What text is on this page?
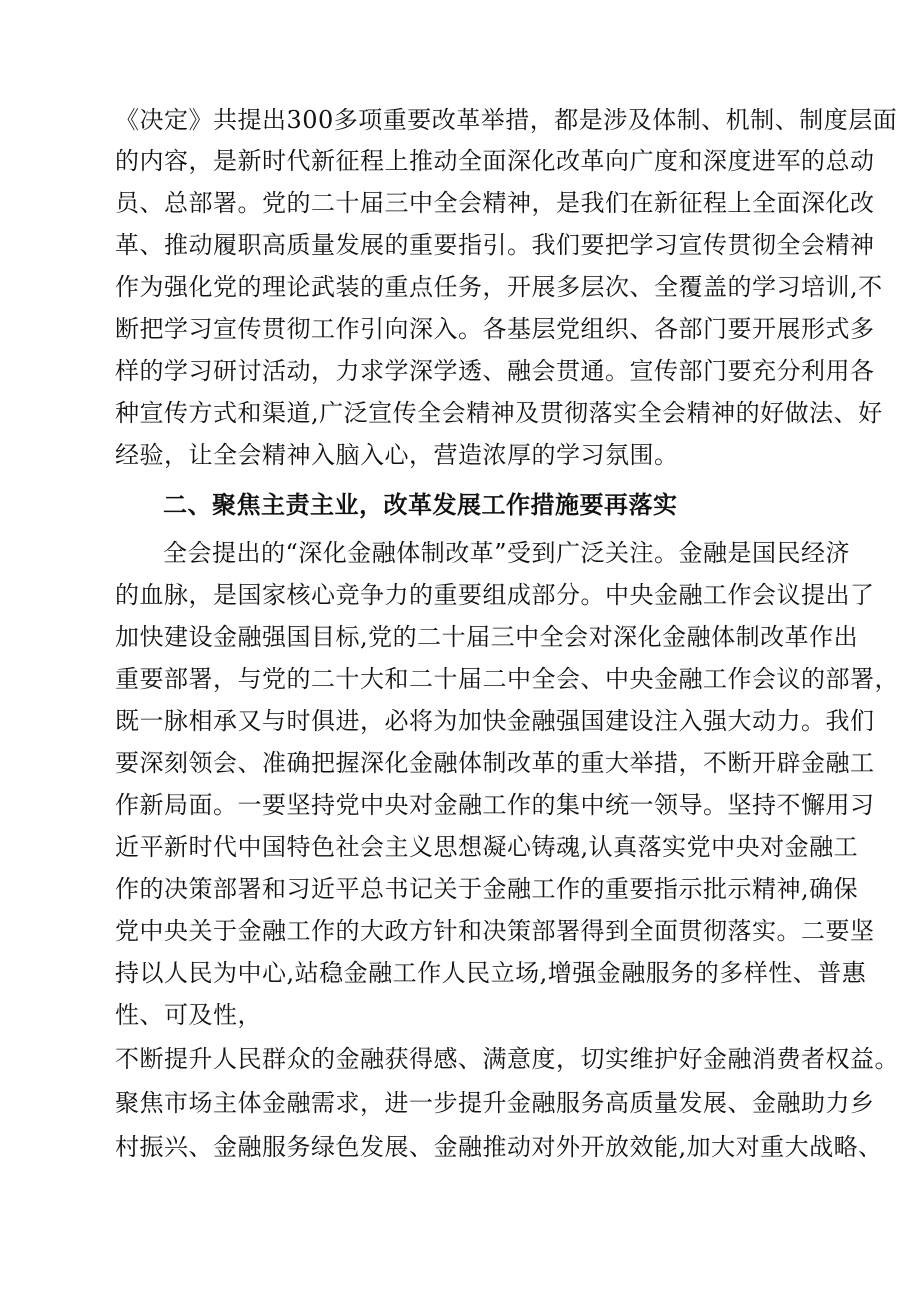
《决定》共提出300多项重要改革举措，都是涉及体制、机制、制度层面
的内容，是新时代新征程上推动全面深化改革向广度和深度进军的总动
员、总部署。党的二十届三中全会精神，是我们在新征程上全面深化改
革、推动履职高质量发展的重要指引。我们要把学习宣传贯彻全会精神
作为强化党的理论武装的重点任务，开展多层次、全覆盖的学习培训,不
断把学习宣传贯彻工作引向深入。各基层党组织、各部门要开展形式多
样的学习研讨活动，力求学深学透、融会贯通。宣传部门要充分利用各
种宣传方式和渠道,广泛宣传全会精神及贯彻落实全会精神的好做法、好
经验，让全会精神入脑入心，营造浓厚的学习氛围。
二、聚焦主责主业，改革发展工作措施要再落实
全会提出的“深化金融体制改革”受到广泛关注。金融是国民经济
的血脉，是国家核心竞争力的重要组成部分。中央金融工作会议提出了
加快建设金融强国目标,党的二十届三中全会对深化金融体制改革作出
重要部署，与党的二十大和二十届二中全会、中央金融工作会议的部署，
既一脉相承又与时俱进，必将为加快金融强国建设注入强大动力。我们
要深刻领会、准确把握深化金融体制改革的重大举措，不断开辟金融工
作新局面。一要坚持党中央对金融工作的集中统一领导。坚持不懈用习
近平新时代中国特色社会主义思想凝心铸魂,认真落实党中央对金融工
作的决策部署和习近平总书记关于金融工作的重要指示批示精神,确保
党中央关于金融工作的大政方针和决策部署得到全面贯彻落实。二要坚
持以人民为中心,站稳金融工作人民立场,增强金融服务的多样性、普惠
性、可及性，
不断提升人民群众的金融获得感、满意度，切实维护好金融消费者权益。
聚焦市场主体金融需求，进一步提升金融服务高质量发展、金融助力乡
村振兴、金融服务绿色发展、金融推动对外开放效能,加大对重大战略、
